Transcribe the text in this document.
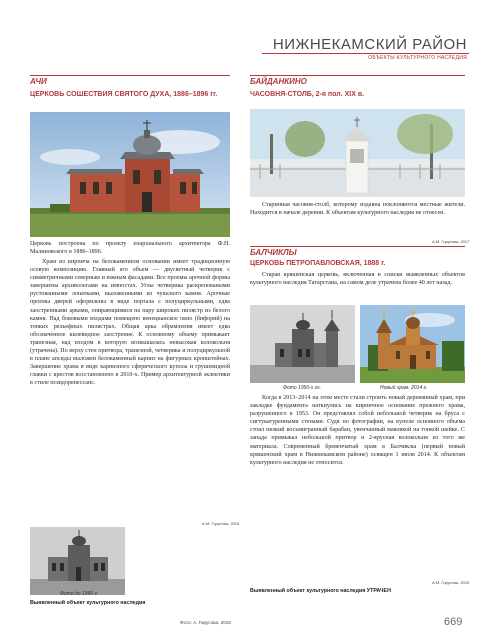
НИЖНЕКАМСКИЙ РАЙОН
ОБЪЕКТЫ КУЛЬТУРНОГО НАСЛЕДИЯ
АЧИ
ЦЕРКОВЬ СОШЕСТВИЯ СВЯТОГО ДУХА, 1886–1896 гг.
Церковь построена по проекту епархиального архитектора Ф.Н. Малиновского в 1886–1896.
Храм из кирпича на белокаменном основании имеет традиционную осевую композицию. Главный его объем — двусветный четверик с симметричными северным и южным фасадами. Все проемы арочной формы завершены архивольтами на импостах. Углы четверика раскреповаными рустованными лопатками, выложенными из чушского камня. Арочные проемы дверей оформлены в виде портала с полуциркульными, едва заостренными арками, опирающимися на пару широких пилястр из белого камня. Над боковыми входами помещено венецианское окно (бифорий) на тонких рельефных пилястрах. Общая арка обрамления имеет едва обозначенное килевидное заострение. К основному объему примыкает трапезная, над входом в которую возвышалась невысокая колокольня (утрачена). По верху стен притвора, трапезной, четверика и полуциркульной в плане апсиды выложен белокаменный карниз на фигурных кронштейнах. Завершение храма в виде карнизного сферического купола и грушевидной главки с крестов восстановлено в 2010-х. Пример архитектурной эклектики в стиле псевдоренессанс.
А.М. Гирусова, 2016
Фото до 1990 г.
Выявленный объект культурного наследия
БАЙДАНКИНО
ЧАСОВНЯ-СТОЛБ, 2-я пол. XIX в.
Старинная часовня-столб, которому издавна поклоняются местные жители. Находится в начале деревни. К объектам культурного наследия не отнесен.
А.М. Гирусова, 2017
БАЛЧИКЛЫ
ЦЕРКОВЬ ПЕТРОПАВЛОВСКАЯ, 1888 г.
Старая кряшенская церковь, включенная в списки выявленных объектов культурного наследия Татарстана, на самом деле утрачена более 40 лет назад.
Фото 1950-х гг.	Новый храм. 2014 г.
Когда в 2013–2014 на этом месте стали строить новый деревянный храм, при закладке фундамента наткнулись на кирпичное основание прежнего храма, разрушенного в 1953. Он представлял собой небольшой четверик на бруса с сигтукатуренными стенами. Судя по фотографии, на куполе основного объема стоял низкий восьмигранный барабан, увенчанный маковкой на тонкой шейке. С запада примыкал небольшой притвор и 2-ярусная колокольня из того же материала. Современный бревенчатый храм в Балчиклы (первый новый кряшенский храм в Нижнекамском районе) освящен 1 июля 2014. К объектам культурного наследия не относится.
А.М. Гирусова, 2018
Выявленный объект культурного наследия УТРАЧЕН
Фото: А. Гирусова, 2015	669
